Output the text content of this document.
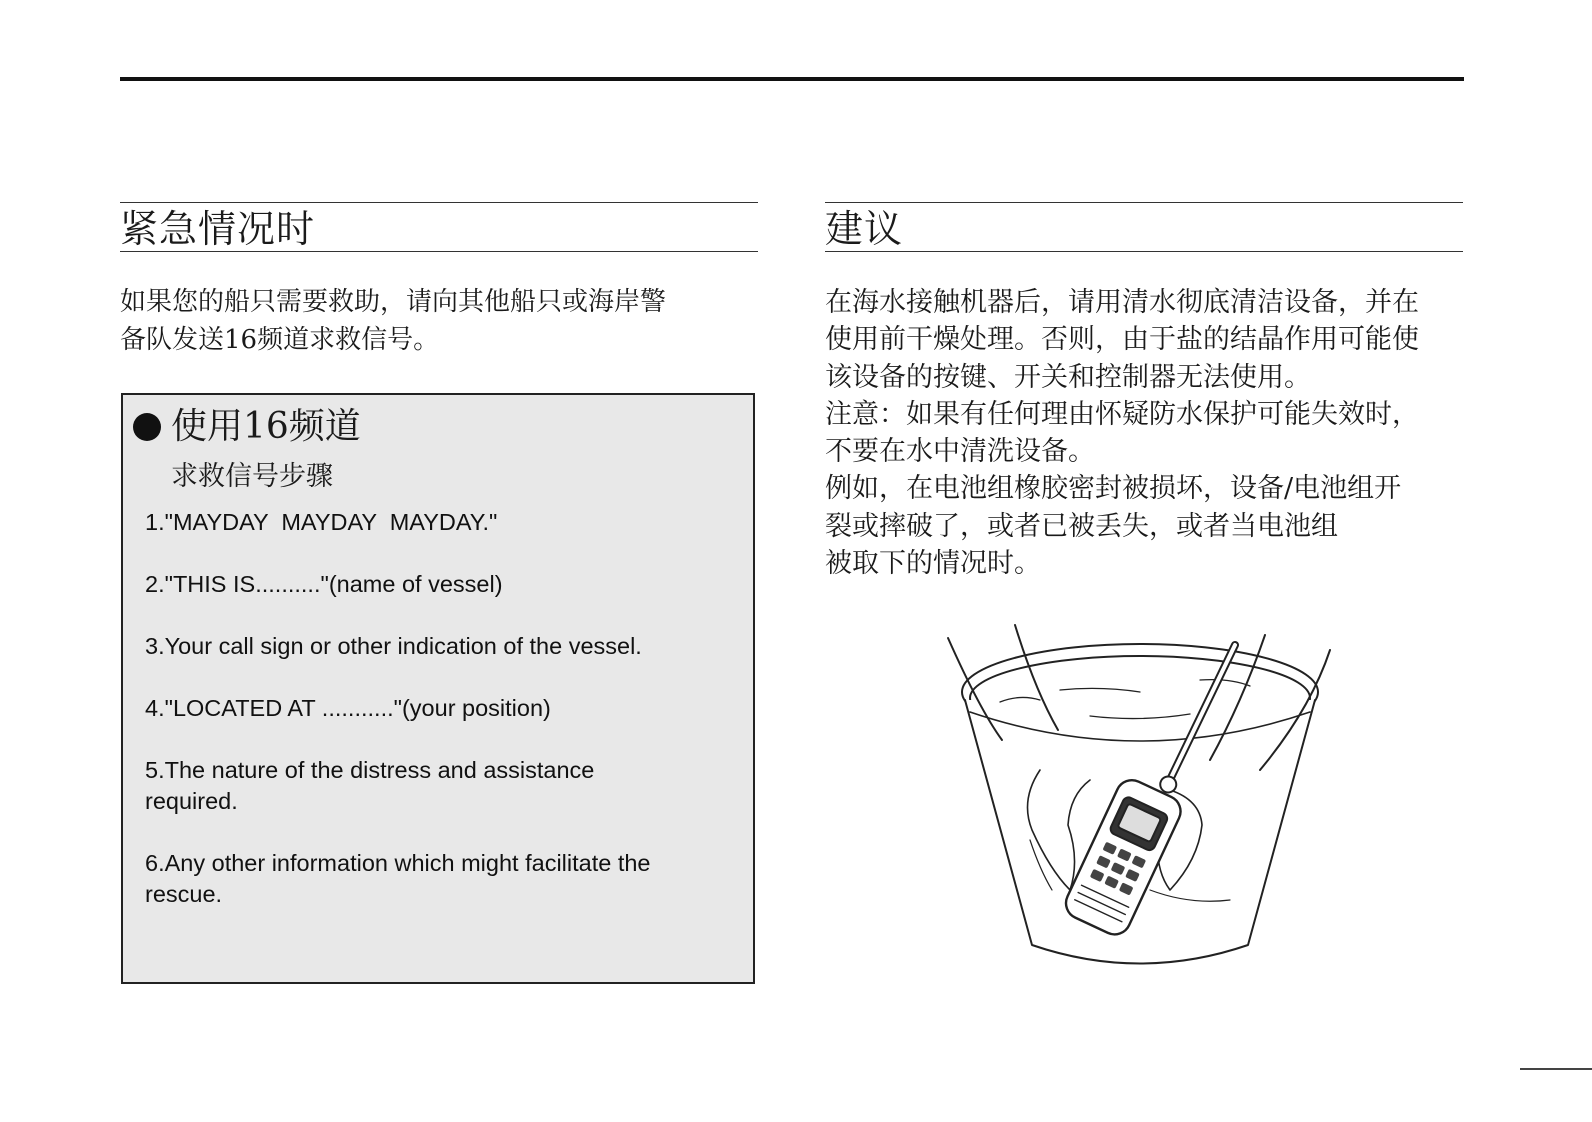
紧急情况时

如果您的船只需要救助，请向其他船只或海岸警

备队发送16频道求救信号。

使用16频道
求救信号步骤
1."MAYDAY  MAYDAY  MAYDAY."
2."THIS IS.........."(name of vessel)
3.Your call sign or other indication of the vessel.
4."LOCATED AT ..........."(your position)
5.The nature of the distress and assistance
required.
6.Any other information which might facilitate the
rescue.
建议

在海水接触机器后，请用清水彻底清洁设备，并在

使用前干燥处理。否则，由于盐的结晶作用可能使

该设备的按键、开关和控制器无法使用。

注意：如果有任何理由怀疑防水保护可能失效时，

不要在水中清洗设备。

例如，在电池组橡胶密封被损坏，设备/电池组开

裂或摔破了，或者已被丢失，或者当电池组

被取下的情况时。
